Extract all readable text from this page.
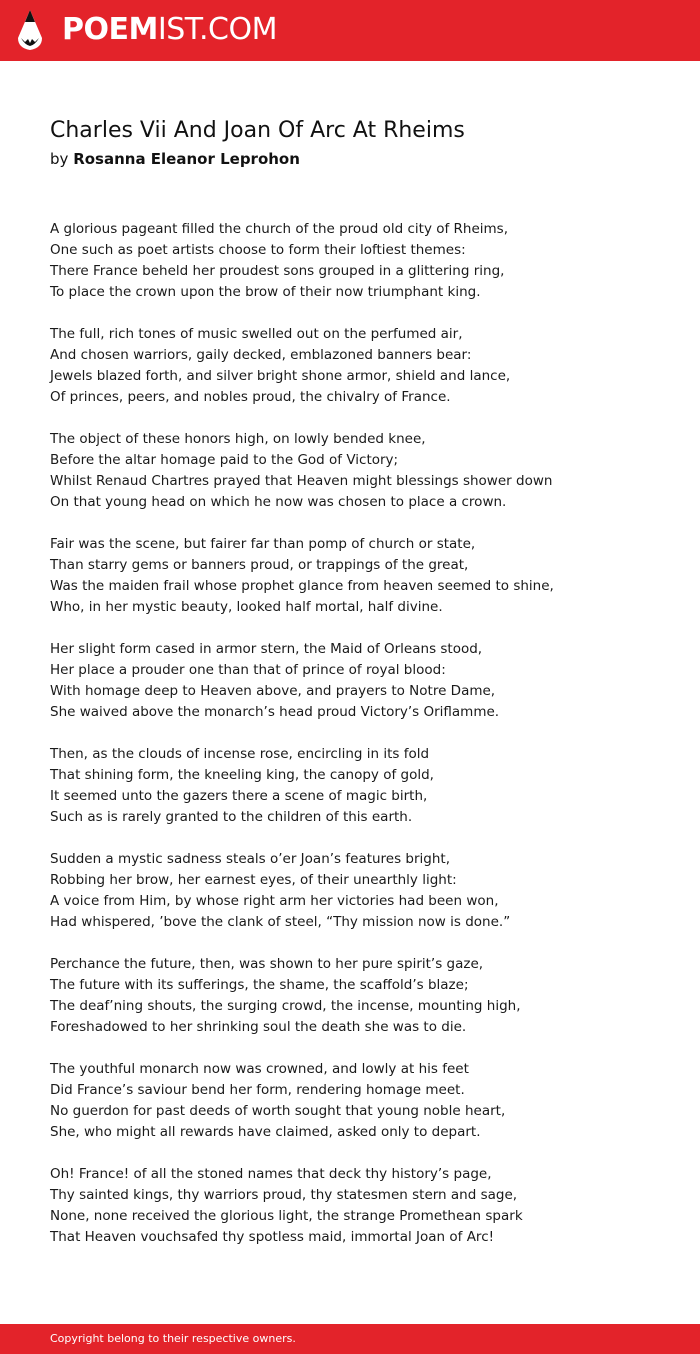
POEMIST.COM
Charles Vii And Joan Of Arc At Rheims
by Rosanna Eleanor Leprohon
A glorious pageant filled the church of the proud old city of Rheims,
One such as poet artists choose to form their loftiest themes:
There France beheld her proudest sons grouped in a glittering ring,
To place the crown upon the brow of their now triumphant king.
The full, rich tones of music swelled out on the perfumed air,
And chosen warriors, gaily decked, emblazoned banners bear:
Jewels blazed forth, and silver bright shone armor, shield and lance,
Of princes, peers, and nobles proud, the chivalry of France.
The object of these honors high, on lowly bended knee,
Before the altar homage paid to the God of Victory;
Whilst Renaud Chartres prayed that Heaven might blessings shower down
On that young head on which he now was chosen to place a crown.
Fair was the scene, but fairer far than pomp of church or state,
Than starry gems or banners proud, or trappings of the great,
Was the maiden frail whose prophet glance from heaven seemed to shine,
Who, in her mystic beauty, looked half mortal, half divine.
Her slight form cased in armor stern, the Maid of Orleans stood,
Her place a prouder one than that of prince of royal blood:
With homage deep to Heaven above, and prayers to Notre Dame,
She waived above the monarch’s head proud Victory’s Oriflamme.
Then, as the clouds of incense rose, encircling in its fold
That shining form, the kneeling king, the canopy of gold,
It seemed unto the gazers there a scene of magic birth,
Such as is rarely granted to the children of this earth.
Sudden a mystic sadness steals o’er Joan’s features bright,
Robbing her brow, her earnest eyes, of their unearthly light:
A voice from Him, by whose right arm her victories had been won,
Had whispered, ’bove the clank of steel, “Thy mission now is done.”
Perchance the future, then, was shown to her pure spirit’s gaze,
The future with its sufferings, the shame, the scaffold’s blaze;
The deaf’ning shouts, the surging crowd, the incense, mounting high,
Foreshadowed to her shrinking soul the death she was to die.
The youthful monarch now was crowned, and lowly at his feet
Did France’s saviour bend her form, rendering homage meet.
No guerdon for past deeds of worth sought that young noble heart,
She, who might all rewards have claimed, asked only to depart.
Oh! France! of all the stoned names that deck thy history’s page,
Thy sainted kings, thy warriors proud, thy statesmen stern and sage,
None, none received the glorious light, the strange Promethean spark
That Heaven vouchsafed thy spotless maid, immortal Joan of Arc!
Copyright belong to their respective owners.
